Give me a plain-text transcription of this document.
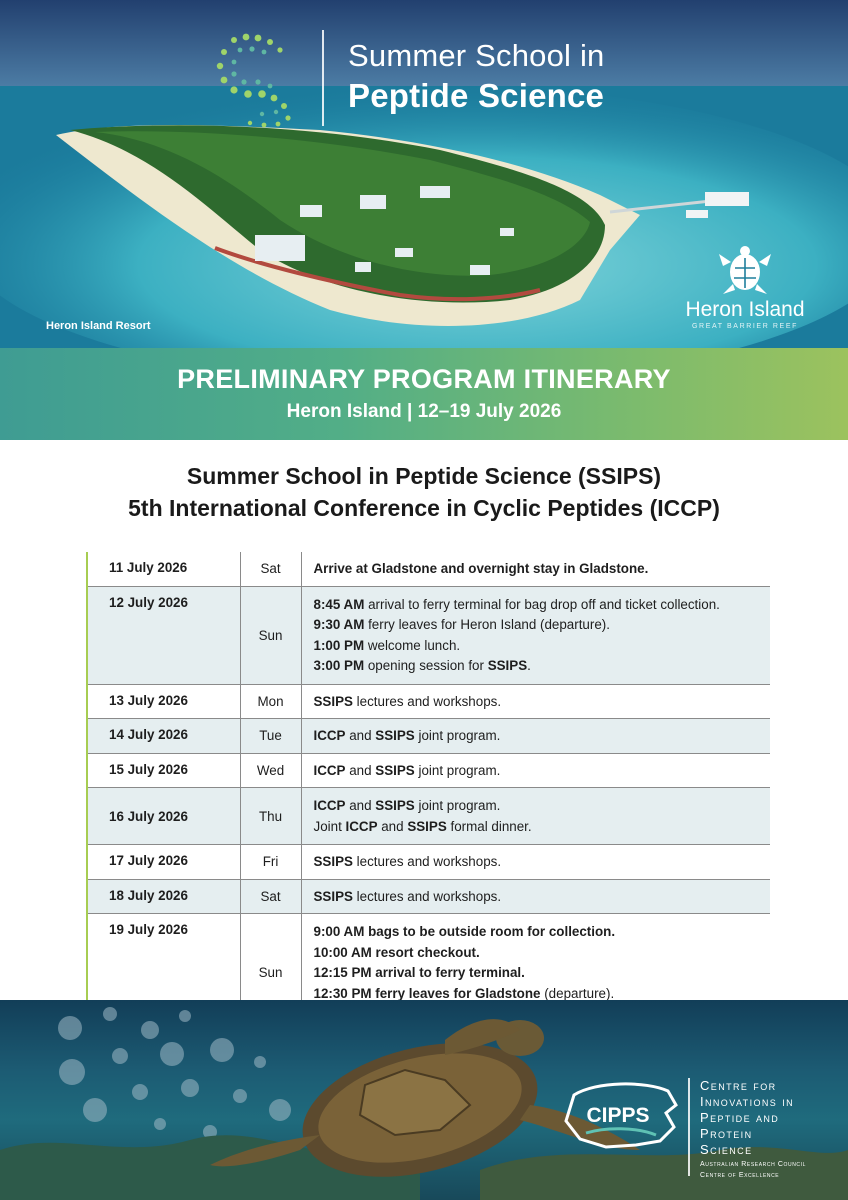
Summer School in
Peptide Science
Heron Island Resort
Heron Island
GREAT BARRIER REEF
PRELIMINARY PROGRAM ITINERARY
Heron Island | 12–19 July 2026
Summer School in Peptide Science (SSIPS)
5th International Conference in Cyclic Peptides (ICCP)
11 July 2026	Sat	Arrive at Gladstone and overnight stay in Gladstone.

12 July 2026	Sun	8:45 AM arrival to ferry terminal for bag drop off and ticket collection.
9:30 AM ferry leaves for Heron Island (departure).
1:00 PM welcome lunch.
3:00 PM opening session for SSIPS.

13 July 2026	Mon	SSIPS lectures and workshops.

14 July 2026	Tue	ICCP and SSIPS joint program.

15 July 2026	Wed	ICCP and SSIPS joint program.

16 July 2026	Thu	ICCP and SSIPS joint program.
Joint ICCP and SSIPS formal dinner.

17 July 2026	Fri	SSIPS lectures and workshops.

18 July 2026	Sat	SSIPS lectures and workshops.

19 July 2026	Sun	9:00 AM bags to be outside room for collection.
10:00 AM resort checkout.
12:15 PM arrival to ferry terminal.
12:30 PM ferry leaves for Gladstone (departure).
CIPPS
Centre for
Innovations in
Peptide and
Protein
Science
Australian Research Council
Centre of Excellence
